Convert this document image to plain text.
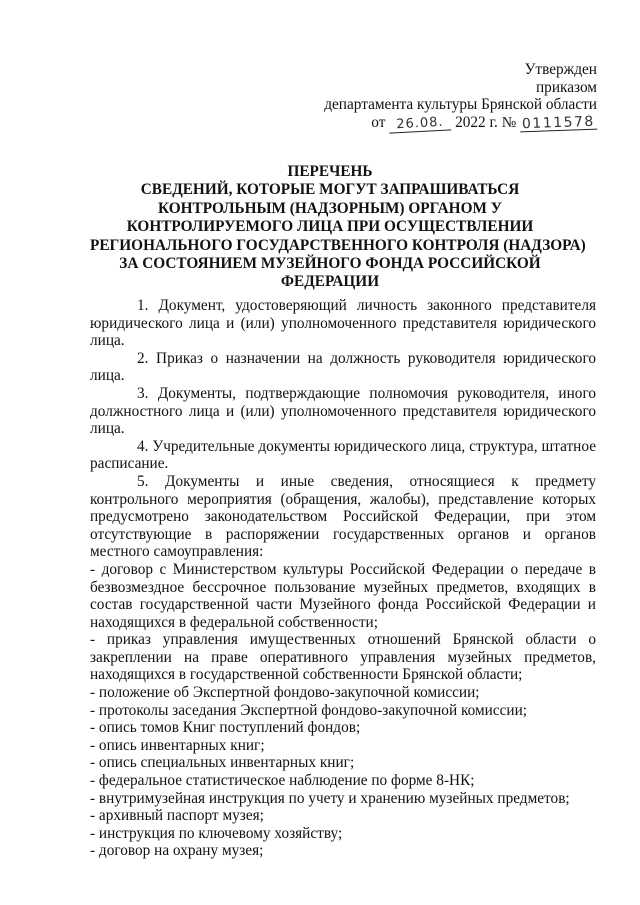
Утвержден
приказом
департамента культуры Брянской области
от 26.08. 2022 г. № 0111578
ПЕРЕЧЕНЬ
СВЕДЕНИЙ, КОТОРЫЕ МОГУТ ЗАПРАШИВАТЬСЯ
КОНТРОЛЬНЫМ (НАДЗОРНЫМ) ОРГАНОМ У
КОНТРОЛИРУЕМОГО ЛИЦА ПРИ ОСУЩЕСТВЛЕНИИ
РЕГИОНАЛЬНОГО ГОСУДАРСТВЕННОГО КОНТРОЛЯ (НАДЗОРА)
ЗА СОСТОЯНИЕМ МУЗЕЙНОГО ФОНДА РОССИЙСКОЙ
ФЕДЕРАЦИИ

1. Документ, удостоверяющий личность законного представителя юридического лица и (или) уполномоченного представителя юридического лица.

2. Приказ о назначении на должность руководителя юридического лица.

3. Документы, подтверждающие полномочия руководителя, иного должностного лица и (или) уполномоченного представителя юридического лица.

4. Учредительные документы юридического лица, структура, штатное расписание.

5. Документы и иные сведения, относящиеся к предмету контрольного мероприятия (обращения, жалобы), представление которых предусмотрено законодательством Российской Федерации, при этом отсутствующие в распоряжении государственных органов и органов местного самоуправления:

- договор с Министерством культуры Российской Федерации о передаче в безвозмездное бессрочное пользование музейных предметов, входящих в состав государственной части Музейного фонда Российской Федерации и находящихся в федеральной собственности;

- приказ управления имущественных отношений Брянской области о закреплении на праве оперативного управления музейных предметов, находящихся в государственной собственности Брянской области;

- положение об Экспертной фондово-закупочной комиссии;

- протоколы заседания Экспертной фондово-закупочной комиссии;

- опись томов Книг поступлений фондов;

- опись инвентарных книг;

- опись специальных инвентарных книг;

- федеральное статистическое наблюдение по форме 8-НК;

- внутримузейная инструкция по учету и хранению музейных предметов;

- архивный паспорт музея;

- инструкция по ключевому хозяйству;

- договор на охрану музея;
